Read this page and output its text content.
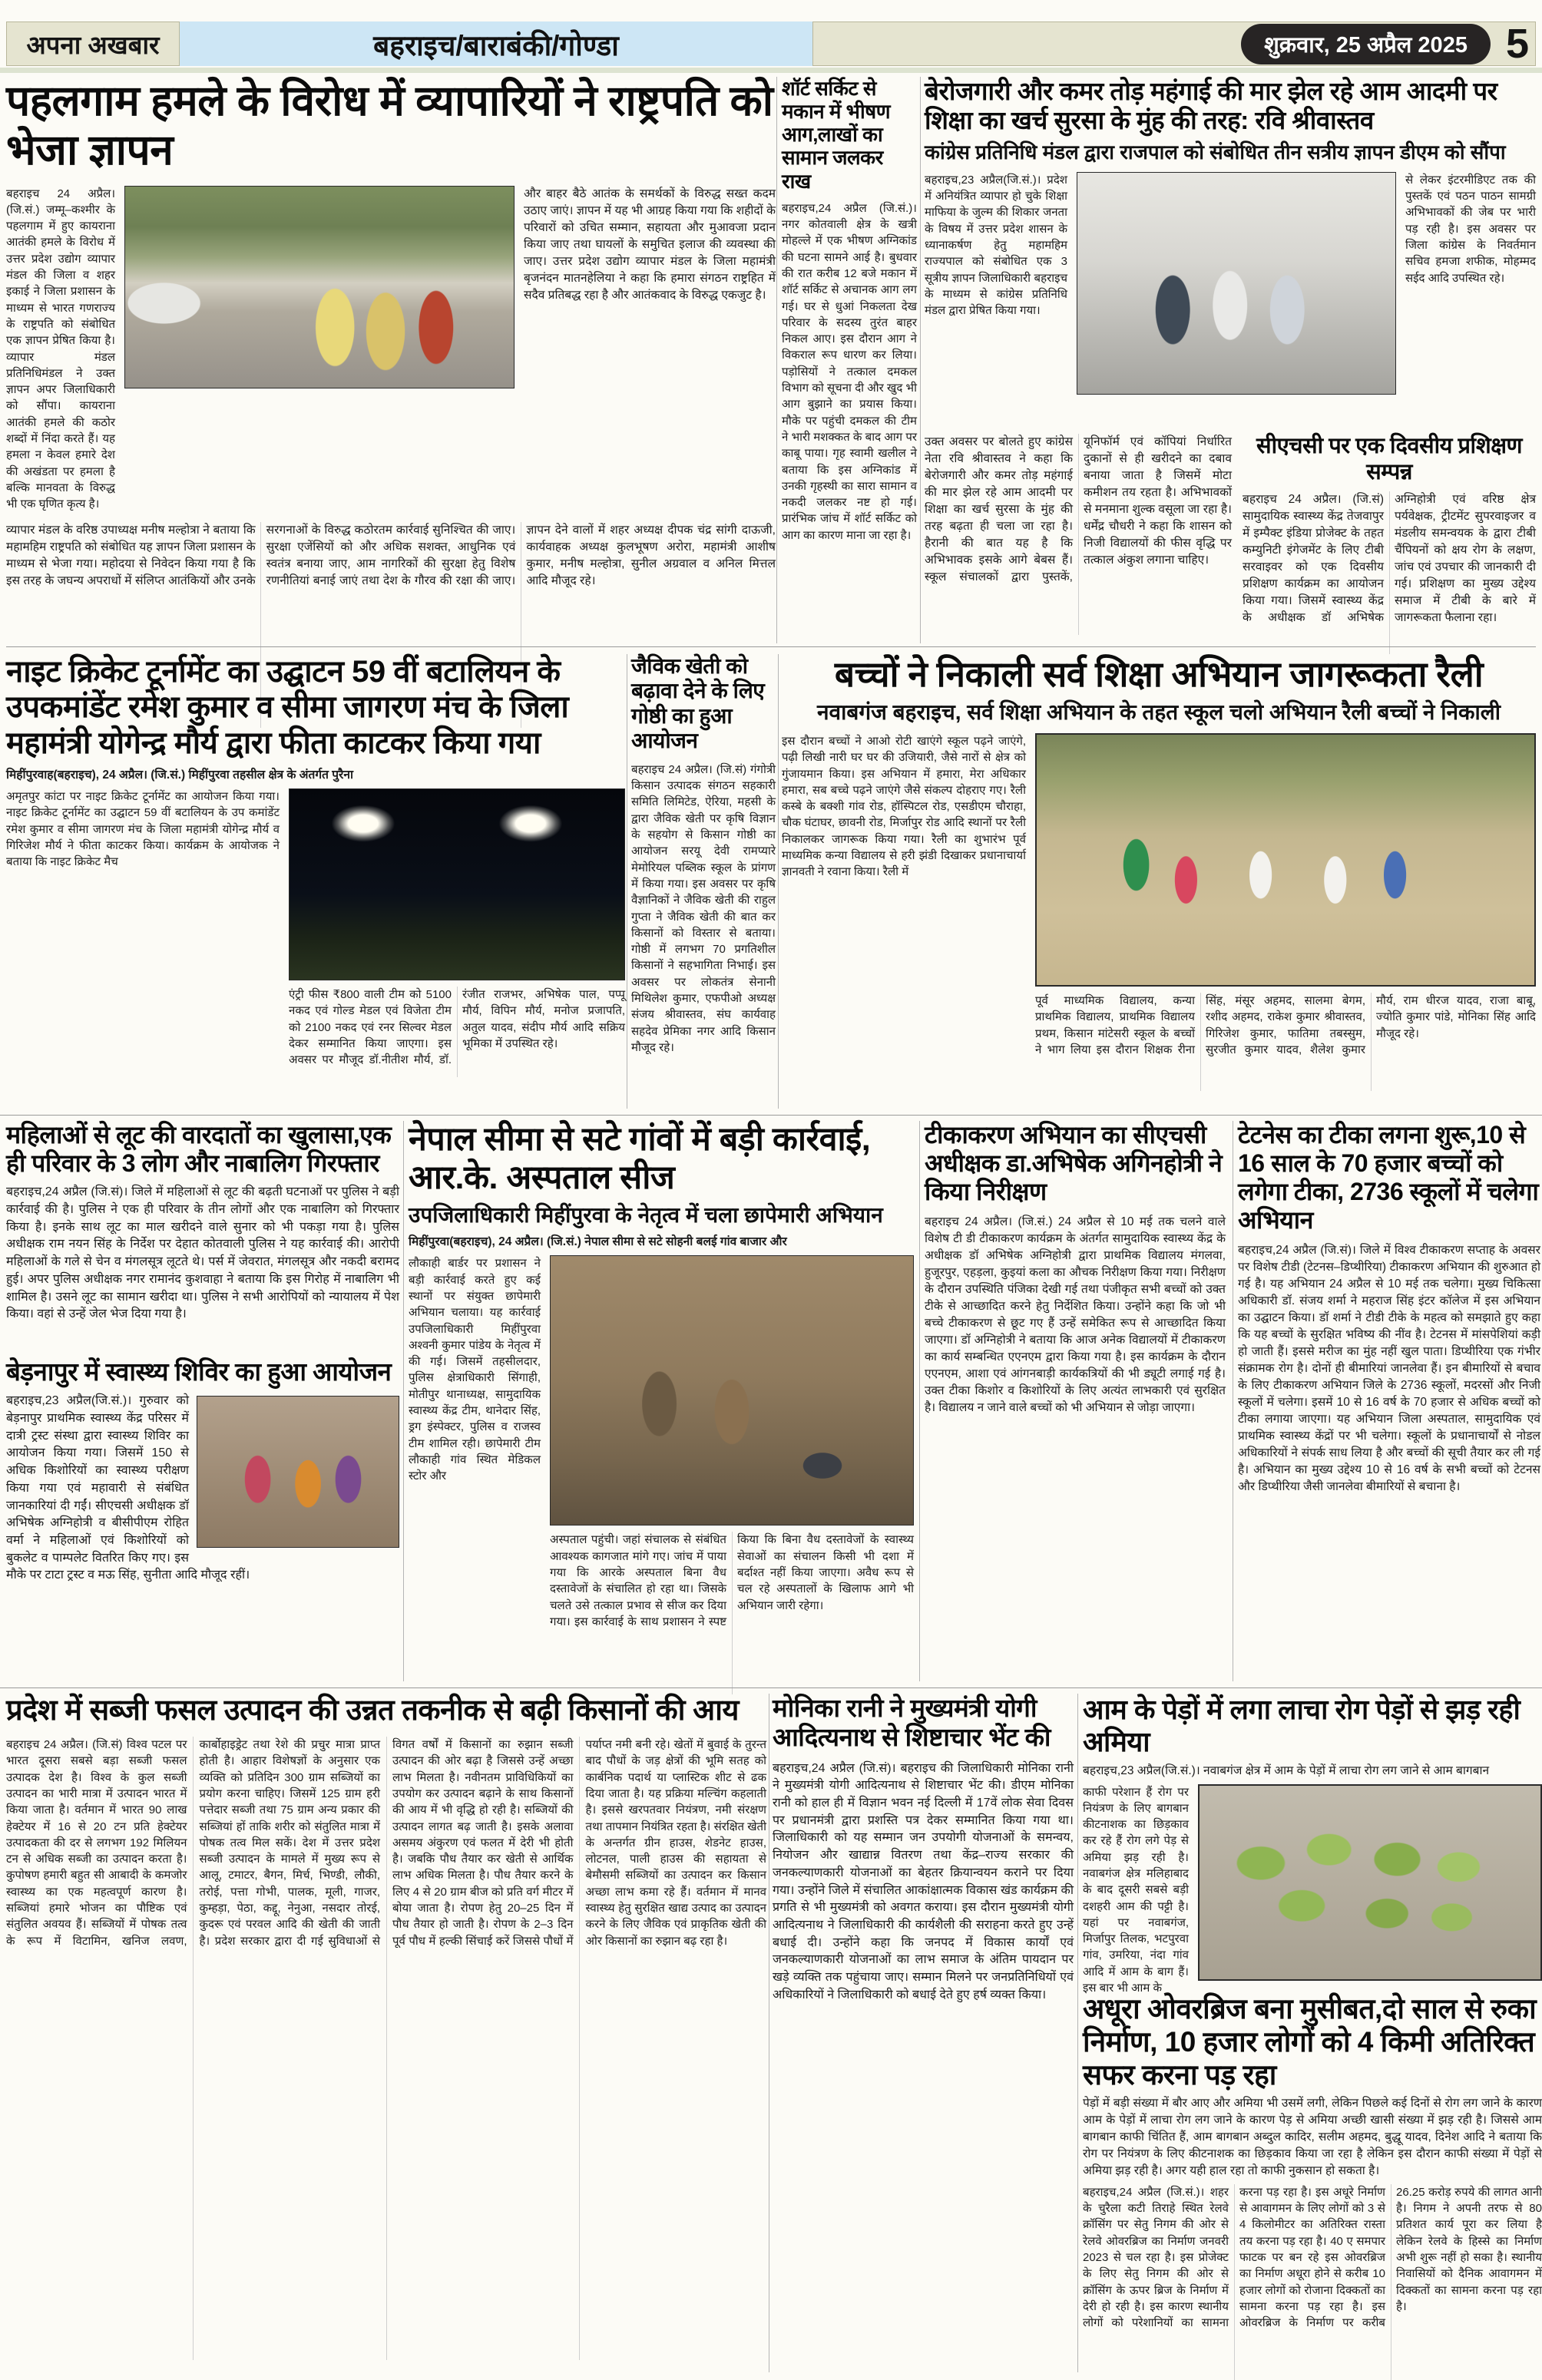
अपना अखबार	बहराइच/बाराबंकी/गोण्डा	शुक्रवार, 25 अप्रैल 2025 5
पहलगाम हमले के विरोध में व्यापारियों ने राष्ट्रपति को भेजा ज्ञापन
बहराइच 24 अप्रैल। (जि.सं.) जम्मू–कश्मीर के पहलगाम में हुए कायराना आतंकी हमले के विरोध में उत्तर प्रदेश उद्योग व्यापार मंडल की जिला व शहर इकाई ने जिला प्रशासन के माध्यम से भारत गणराज्य के राष्ट्रपति को संबोधित एक ज्ञापन प्रेषित किया है। व्यापार मंडल प्रतिनिधिमंडल ने उक्त ज्ञापन अपर जिलाधिकारी को सौंपा। कायराना आतंकी हमले की कठोर शब्दों में निंदा करते हैं। यह हमला न केवल हमारे देश की अखंडता पर हमला है बल्कि मानवता के विरुद्ध भी एक घृणित कृत्य है।
और बाहर बैठे आतंक के समर्थकों के विरुद्ध सख्त कदम उठाए जाएं। ज्ञापन में यह भी आग्रह किया गया कि शहीदों के परिवारों को उचित सम्मान, सहायता और मुआवजा प्रदान किया जाए तथा घायलों के समुचित इलाज की व्यवस्था की जाए। उत्तर प्रदेश उद्योग व्यापार मंडल के जिला महामंत्री बृजनंदन मातनहेलिया ने कहा कि हमारा संगठन राष्ट्रहित में सदैव प्रतिबद्ध रहा है और आतंकवाद के विरुद्ध एकजुट है।
व्यापार मंडल के वरिष्ठ उपाध्यक्ष मनीष मल्होत्रा ने बताया कि महामहिम राष्ट्रपति को संबोधित यह ज्ञापन जिला प्रशासन के माध्यम से भेजा गया। महोदया से निवेदन किया गया है कि इस तरह के जघन्य अपराधों में संलिप्त आतंकियों और उनके सरगनाओं के विरुद्ध कठोरतम कार्रवाई सुनिश्चित की जाए। सुरक्षा एजेंसियों को और अधिक सशक्त, आधुनिक एवं स्वतंत्र बनाया जाए, आम नागरिकों की सुरक्षा हेतु विशेष रणनीतियां बनाई जाएं तथा देश के गौरव की रक्षा की जाए। ज्ञापन देने वालों में शहर अध्यक्ष दीपक चंद्र सांगी दाऊजी, कार्यवाहक अध्यक्ष कुलभूषण अरोरा, महामंत्री आशीष कुमार, मनीष मल्होत्रा, सुनील अग्रवाल व अनिल मित्तल आदि मौजूद रहे।
शॉर्ट सर्किट से मकान में भीषण आग,लाखों का सामान जलकर राख
बहराइच,24 अप्रैल (जि.सं.)। नगर कोतवाली क्षेत्र के खत्री मोहल्ले में एक भीषण अग्निकांड की घटना सामने आई है। बुधवार की रात करीब 12 बजे मकान में शॉर्ट सर्किट से अचानक आग लग गई। घर से धुआं निकलता देख परिवार के सदस्य तुरंत बाहर निकल आए। इस दौरान आग ने विकराल रूप धारण कर लिया। पड़ोसियों ने तत्काल दमकल विभाग को सूचना दी और खुद भी आग बुझाने का प्रयास किया। मौके पर पहुंची दमकल की टीम ने भारी मशक्कत के बाद आग पर काबू पाया। गृह स्वामी खलील ने बताया कि इस अग्निकांड में उनकी गृहस्थी का सारा सामान व नकदी जलकर नष्ट हो गई। प्रारंभिक जांच में शॉर्ट सर्किट को आग का कारण माना जा रहा है।
बेरोजगारी और कमर तोड़ महंगाई की मार झेल रहे आम आदमी पर शिक्षा का खर्च सुरसा के मुंह की तरह: रवि श्रीवास्तव
कांग्रेस प्रतिनिधि मंडल द्वारा राजपाल को संबोधित तीन सत्रीय ज्ञापन डीएम को सौंपा
बहराइच,23 अप्रैल(जि.सं.)। प्रदेश में अनियंत्रित व्यापार हो चुके शिक्षा माफिया के जुल्म की शिकार जनता के विषय में उत्तर प्रदेश शासन के ध्यानाकर्षण हेतु महामहिम राज्यपाल को संबोधित एक 3 सूत्रीय ज्ञापन जिलाधिकारी बहराइच के माध्यम से कांग्रेस प्रतिनिधि मंडल द्वारा प्रेषित किया गया।
से लेकर इंटरमीडिएट तक की पुस्तकें एवं पठन पाठन सामग्री अभिभावकों की जेब पर भारी पड़ रही है। इस अवसर पर जिला कांग्रेस के निवर्तमान सचिव हमजा शफीक, मोहम्मद सईद आदि उपस्थित रहे।
उक्त अवसर पर बोलते हुए कांग्रेस नेता रवि श्रीवास्तव ने कहा कि बेरोजगारी और कमर तोड़ महंगाई की मार झेल रहे आम आदमी पर शिक्षा का खर्च सुरसा के मुंह की तरह बढ़ता ही चला जा रहा है। हैरानी की बात यह है कि अभिभावक इसके आगे बेबस हैं। स्कूल संचालकों द्वारा पुस्तकें, यूनिफॉर्म एवं कॉपियां निर्धारित दुकानों से ही खरीदने का दबाव बनाया जाता है जिसमें मोटा कमीशन तय रहता है। अभिभावकों से मनमाना शुल्क वसूला जा रहा है। धर्मेंद्र चौधरी ने कहा कि शासन को निजी विद्यालयों की फीस वृद्धि पर तत्काल अंकुश लगाना चाहिए।
सीएचसी पर एक दिवसीय प्रशिक्षण सम्पन्न
बहराइच 24 अप्रैल। (जि.सं) सामुदायिक स्वास्थ्य केंद्र तेजवापुर में इम्पैक्ट इंडिया प्रोजेक्ट के तहत कम्युनिटी इंगेजमेंट के लिए टीबी सरवाइवर को एक दिवसीय प्रशिक्षण कार्यक्रम का आयोजन किया गया। जिसमें स्वास्थ्य केंद्र के अधीक्षक डॉ अभिषेक अग्निहोत्री एवं वरिष्ठ क्षेत्र पर्यवेक्षक, ट्रीटमेंट सुपरवाइजर व मंडलीय समन्वयक के द्वारा टीबी चैंपियनों को क्षय रोग के लक्षण, जांच एवं उपचार की जानकारी दी गई। प्रशिक्षण का मुख्य उद्देश्य समाज में टीबी के बारे में जागरूकता फैलाना रहा।
नाइट क्रिकेट टूर्नामेंट का उद्घाटन 59 वीं बटालियन के उपकमांडेंट रमेश कुमार व सीमा जागरण मंच के जिला महामंत्री योगेन्द्र मौर्य द्वारा फीता काटकर किया गया
मिहींपुरवाह(बहराइच), 24 अप्रैल। (जि.सं.) मिहींपुरवा तहसील क्षेत्र के अंतर्गत पुरैना
अमृतपुर कांटा पर नाइट क्रिकेट टूर्नामेंट का आयोजन किया गया। नाइट क्रिकेट टूर्नामेंट का उद्घाटन 59 वीं बटालियन के उप कमांडेंट रमेश कुमार व सीमा जागरण मंच के जिला महामंत्री योगेन्द्र मौर्य व गिरिजेश मौर्य ने फीता काटकर किया। कार्यक्रम के आयोजक ने बताया कि नाइट क्रिकेट मैच
एंट्री फीस ₹800 वाली टीम को 5100 नकद एवं गोल्ड मेडल एवं विजेता टीम को 2100 नकद एवं रनर सिल्वर मेडल देकर सम्मानित किया जाएगा। इस अवसर पर मौजूद डॉ.नीतीश मौर्य, डॉ. रंजीत राजभर, अभिषेक पाल, पप्पू मौर्य, विपिन मौर्य, मनोज प्रजापति, अतुल यादव, संदीप मौर्य आदि सक्रिय भूमिका में उपस्थित रहे।
जैविक खेती को बढ़ावा देने के लिए गोष्ठी का हुआ आयोजन
बहराइच 24 अप्रैल। (जि.सं) गंगोत्री किसान उत्पादक संगठन सहकारी समिति लिमिटेड, ऐरिया, महसी के द्वारा जैविक खेती पर कृषि विज्ञान के सहयोग से किसान गोष्ठी का आयोजन सरयू देवी रामप्यारे मेमोरियल पब्लिक स्कूल के प्रांगण में किया गया। इस अवसर पर कृषि वैज्ञानिकों ने जैविक खेती की राहुल गुप्ता ने जैविक खेती की बात कर किसानों को विस्तार से बताया। गोष्ठी में लगभग 70 प्रगतिशील किसानों ने सहभागिता निभाई। इस अवसर पर लोकतंत्र सेनानी मिथिलेश कुमार, एफपीओ अध्यक्ष संजय श्रीवास्तव, संघ कार्यवाह सहदेव प्रेमिका नगर आदि किसान मौजूद रहे।
बच्चों ने निकाली सर्व शिक्षा अभियान जागरूकता रैली
नवाबगंज बहराइच, सर्व शिक्षा अभियान के तहत स्कूल चलो अभियान रैली बच्चों ने निकाली
इस दौरान बच्चों ने आओ रोटी खाएंगे स्कूल पढ़ने जाएंगे, पढ़ी लिखी नारी घर घर की उजियारी, जैसे नारों से क्षेत्र को गुंजायमान किया। इस अभियान में हमारा, मेरा अधिकार हमारा, सब बच्चे पढ़ने जाएंगे जैसे संकल्प दोहराए गए। रैली कस्बे के बक्शी गांव रोड, हॉस्पिटल रोड, एसडीएम चौराहा, चौक घंटाघर, छावनी रोड, मिर्जापुर रोड आदि स्थानों पर रैली निकालकर जागरूक किया गया। रैली का शुभारंभ पूर्व माध्यमिक कन्या विद्यालय से हरी झंडी दिखाकर प्रधानाचार्या ज्ञानवती ने रवाना किया। रैली में
पूर्व माध्यमिक विद्यालय, कन्या प्राथमिक विद्यालय, प्राथमिक विद्यालय प्रथम, किसान मांटेसरी स्कूल के बच्चों ने भाग लिया इस दौरान शिक्षक रीना सिंह, मंसूर अहमद, सालमा बेगम, रशीद अहमद, राकेश कुमार श्रीवास्तव, गिरिजेश कुमार, फातिमा तबस्सुम, सुरजीत कुमार यादव, शैलेश कुमार मौर्य, राम धीरज यादव, राजा बाबू, ज्योति कुमार पांडे, मोनिका सिंह आदि मौजूद रहे।
महिलाओं से लूट की वारदातों का खुलासा,एक ही परिवार के 3 लोग और नाबालिग गिरफ्तार
बहराइच,24 अप्रैल (जि.सं)। जिले में महिलाओं से लूट की बढ़ती घटनाओं पर पुलिस ने बड़ी कार्रवाई की है। पुलिस ने एक ही परिवार के तीन लोगों और एक नाबालिग को गिरफ्तार किया है। इनके साथ लूट का माल खरीदने वाले सुनार को भी पकड़ा गया है। पुलिस अधीक्षक राम नयन सिंह के निर्देश पर देहात कोतवाली पुलिस ने यह कार्रवाई की। आरोपी महिलाओं के गले से चेन व मंगलसूत्र लूटते थे। पर्स में जेवरात, मंगलसूत्र और नकदी बरामद हुई। अपर पुलिस अधीक्षक नगर रामानंद कुशवाहा ने बताया कि इस गिरोह में नाबालिग भी शामिल है। उसने लूट का सामान खरीदा था। पुलिस ने सभी आरोपियों को न्यायालय में पेश किया। वहां से उन्हें जेल भेज दिया गया है।
बेड़नापुर में स्वास्थ्य शिविर का हुआ आयोजन
बहराइच,23 अप्रैल(जि.सं.)। गुरुवार को बेड़नापुर प्राथमिक स्वास्थ्य केंद्र परिसर में दात्री ट्रस्ट संस्था द्वारा स्वास्थ्य शिविर का आयोजन किया गया। जिसमें 150 से अधिक किशोरियों का स्वास्थ्य परीक्षण किया गया एवं महावारी से संबंधित जानकारियां दी गईं। सीएचसी अधीक्षक डॉ अभिषेक अग्निहोत्री व बीसीपीएम रोहित वर्मा ने महिलाओं एवं किशोरियों को बुकलेट व पाम्पलेट वितरित किए गए। इस मौके पर टाटा ट्रस्ट व मऊ सिंह, सुनीता आदि मौजूद रहीं।
नेपाल सीमा से सटे गांवों में बड़ी कार्रवाई, आर.के. अस्पताल सीज
उपजिलाधिकारी मिहींपुरवा के नेतृत्व में चला छापेमारी अभियान
मिहींपुरवा(बहराइच), 24 अप्रैल। (जि.सं.) नेपाल सीमा से सटे सोहनी बलई गांव बाजार और
लौकाही बार्डर पर प्रशासन ने बड़ी कार्रवाई करते हुए कई स्थानों पर संयुक्त छापेमारी अभियान चलाया। यह कार्रवाई उपजिलाधिकारी मिहींपुरवा अश्वनी कुमार पांडेय के नेतृत्व में की गई। जिसमें तहसीलदार, पुलिस क्षेत्राधिकारी सिंगाही, मोतीपुर थानाध्यक्ष, सामुदायिक स्वास्थ्य केंद्र टीम, थानेदार सिंह, ड्रग इंस्पेक्टर, पुलिस व राजस्व टीम शामिल रही। छापेमारी टीम लौकाही गांव स्थित मेडिकल स्टोर और
अस्पताल पहुंची। जहां संचालक से संबंधित आवश्यक कागजात मांगे गए। जांच में पाया गया कि आरके अस्पताल बिना वैध दस्तावेजों के संचालित हो रहा था। जिसके चलते उसे तत्काल प्रभाव से सीज कर दिया गया। इस कार्रवाई के साथ प्रशासन ने स्पष्ट किया कि बिना वैध दस्तावेजों के स्वास्थ्य सेवाओं का संचालन किसी भी दशा में बर्दाश्त नहीं किया जाएगा। अवैध रूप से चल रहे अस्पतालों के खिलाफ आगे भी अभियान जारी रहेगा।
टीकाकरण अभियान का सीएचसी अधीक्षक डा.अभिषेक अगिनहोत्री ने किया निरीक्षण
बहराइच 24 अप्रैल। (जि.सं.) 24 अप्रैल से 10 मई तक चलने वाले विशेष टी डी टीकाकरण कार्यक्रम के अंतर्गत सामुदायिक स्वास्थ्य केंद्र के अधीक्षक डॉ अभिषेक अग्निहोत्री द्वारा प्राथमिक विद्यालय मंगलवा, हुजूरपुर, एहड़ला, कुइयां कला का औचक निरीक्षण किया गया। निरीक्षण के दौरान उपस्थिति पंजिका देखी गई तथा पंजीकृत सभी बच्चों को उक्त टीके से आच्छादित करने हेतु निर्देशित किया। उन्होंने कहा कि जो भी बच्चे टीकाकरण से छूट गए हैं उन्हें समेकित रूप से आच्छादित किया जाएगा। डॉ अग्निहोत्री ने बताया कि आज अनेक विद्यालयों में टीकाकरण का कार्य सम्बन्धित एएनएम द्वारा किया गया है। इस कार्यक्रम के दौरान एएनएम, आशा एवं आंगनबाड़ी कार्यकत्रियों की भी ड्यूटी लगाई गई है। उक्त टीका किशोर व किशोरियों के लिए अत्यंत लाभकारी एवं सुरक्षित है। विद्यालय न जाने वाले बच्चों को भी अभियान से जोड़ा जाएगा।
टेटनेस का टीका लगना शुरू,10 से 16 साल के 70 हजार बच्चों को लगेगा टीका, 2736 स्कूलों में चलेगा अभियान
बहराइच,24 अप्रैल (जि.सं)। जिले में विश्व टीकाकरण सप्ताह के अवसर पर विशेष टीडी (टेटनस–डिप्थीरिया) टीकाकरण अभियान की शुरुआत हो गई है। यह अभियान 24 अप्रैल से 10 मई तक चलेगा। मुख्य चिकित्सा अधिकारी डॉ. संजय शर्मा ने महराज सिंह इंटर कॉलेज में इस अभियान का उद्घाटन किया। डॉ शर्मा ने टीडी टीके के महत्व को समझाते हुए कहा कि यह बच्चों के सुरक्षित भविष्य की नींव है। टेटनस में मांसपेशियां कड़ी हो जाती हैं। इससे मरीज का मुंह नहीं खुल पाता। डिप्थीरिया एक गंभीर संक्रामक रोग है। दोनों ही बीमारियां जानलेवा हैं। इन बीमारियों से बचाव के लिए टीकाकरण अभियान जिले के 2736 स्कूलों, मदरसों और निजी स्कूलों में चलेगा। इसमें 10 से 16 वर्ष के 70 हजार से अधिक बच्चों को टीका लगाया जाएगा। यह अभियान जिला अस्पताल, सामुदायिक एवं प्राथमिक स्वास्थ्य केंद्रों पर भी चलेगा। स्कूलों के प्रधानाचार्यों से नोडल अधिकारियों ने संपर्क साध लिया है और बच्चों की सूची तैयार कर ली गई है। अभियान का मुख्य उद्देश्य 10 से 16 वर्ष के सभी बच्चों को टेटनस और डिप्थीरिया जैसी जानलेवा बीमारियों से बचाना है।
प्रदेश में सब्जी फसल उत्पादन की उन्नत तकनीक से बढ़ी किसानों की आय
बहराइच 24 अप्रैल। (जि.सं) विश्व पटल पर भारत दूसरा सबसे बड़ा सब्जी फसल उत्पादक देश है। विश्व के कुल सब्जी उत्पादन का भारी मात्रा में उत्पादन भारत में किया जाता है। वर्तमान में भारत 90 लाख हेक्टेयर में 16 से 20 टन प्रति हेक्टेयर उत्पादकता की दर से लगभग 192 मिलियन टन से अधिक सब्जी का उत्पादन करता है। कुपोषण हमारी बहुत सी आबादी के कमजोर स्वास्थ्य का एक महत्वपूर्ण कारण है। सब्जियां हमारे भोजन का पौष्टिक एवं संतुलित अवयव हैं। सब्जियों में पोषक तत्व के रूप में विटामिन, खनिज लवण, कार्बोहाइड्रेट तथा रेशे की प्रचुर मात्रा प्राप्त होती है। आहार विशेषज्ञों के अनुसार एक व्यक्ति को प्रतिदिन 300 ग्राम सब्जियों का प्रयोग करना चाहिए। जिसमें 125 ग्राम हरी पत्तेदार सब्जी तथा 75 ग्राम अन्य प्रकार की सब्जियां हों ताकि शरीर को संतुलित मात्रा में पोषक तत्व मिल सकें। देश में उत्तर प्रदेश सब्जी उत्पादन के मामले में मुख्य रूप से आलू, टमाटर, बैगन, मिर्च, भिण्डी, लौकी, तरोई, पत्ता गोभी, पालक, मूली, गाजर, कुम्हड़ा, पेठा, कद्दू, नेनुआ, नसदार तोरई, कुदरू एवं परवल आदि की खेती की जाती है। प्रदेश सरकार द्वारा दी गई सुविधाओं से विगत वर्षों में किसानों का रुझान सब्जी उत्पादन की ओर बढ़ा है जिससे उन्हें अच्छा लाभ मिलता है। नवीनतम प्राविधिकियों का उपयोग कर उत्पादन बढ़ाने के साथ किसानों की आय में भी वृद्धि हो रही है। सब्जियों की उत्पादन लागत बढ़ जाती है। इसके अलावा असमय अंकुरण एवं फलत में देरी भी होती है। जबकि पौध तैयार कर खेती से आर्थिक लाभ अधिक मिलता है। पौध तैयार करने के लिए 4 से 20 ग्राम बीज को प्रति वर्ग मीटर में बोया जाता है। रोपण हेतु 20–25 दिन में पौध तैयार हो जाती है। रोपण के 2–3 दिन पूर्व पौध में हल्की सिंचाई करें जिससे पौधों में पर्याप्त नमी बनी रहे। खेतों में बुवाई के तुरन्त बाद पौधों के जड़ क्षेत्रों की भूमि सतह को कार्बनिक पदार्थ या प्लास्टिक शीट से ढक दिया जाता है। यह प्रक्रिया मल्चिंग कहलाती है। इससे खरपतवार नियंत्रण, नमी संरक्षण तथा तापमान नियंत्रित रहता है। संरक्षित खेती के अन्तर्गत ग्रीन हाउस, शेडनेट हाउस, लोटनल, पाली हाउस की सहायता से बेमौसमी सब्जियों का उत्पादन कर किसान अच्छा लाभ कमा रहे हैं। वर्तमान में मानव स्वास्थ्य हेतु सुरक्षित खाद्य उत्पाद का उत्पादन करने के लिए जैविक एवं प्राकृतिक खेती की ओर किसानों का रुझान बढ़ रहा है।
मोनिका रानी ने मुख्यमंत्री योगी आदित्यनाथ से शिष्टाचार भेंट की
बहराइच,24 अप्रैल (जि.सं)। बहराइच की जिलाधिकारी मोनिका रानी ने मुख्यमंत्री योगी आदित्यनाथ से शिष्टाचार भेंट की। डीएम मोनिका रानी को हाल ही में विज्ञान भवन नई दिल्ली में 17वें लोक सेवा दिवस पर प्रधानमंत्री द्वारा प्रशस्ति पत्र देकर सम्मानित किया गया था। जिलाधिकारी को यह सम्मान जन उपयोगी योजनाओं के समन्वय, नियोजन और खाद्यान्न वितरण तथा केंद्र–राज्य सरकार की जनकल्याणकारी योजनाओं का बेहतर क्रियान्वयन कराने पर दिया गया। उन्होंने जिले में संचालित आकांक्षात्मक विकास खंड कार्यक्रम की प्रगति से भी मुख्यमंत्री को अवगत कराया। इस दौरान मुख्यमंत्री योगी आदित्यनाथ ने जिलाधिकारी की कार्यशैली की सराहना करते हुए उन्हें बधाई दी। उन्होंने कहा कि जनपद में विकास कार्यों एवं जनकल्याणकारी योजनाओं का लाभ समाज के अंतिम पायदान पर खड़े व्यक्ति तक पहुंचाया जाए। सम्मान मिलने पर जनप्रतिनिधियों एवं अधिकारियों ने जिलाधिकारी को बधाई देते हुए हर्ष व्यक्त किया।
आम के पेड़ों में लगा लाचा रोग पेड़ों से झड़ रही अमिया
बहराइच,23 अप्रैल(जि.सं.)। नवाबगंज क्षेत्र में आम के पेड़ों में लाचा रोग लग जाने से आम बागबान
काफी परेशान हैं रोग पर नियंत्रण के लिए बागबान कीटनाशक का छिड़काव कर रहे हैं रोग लगे पेड़ से अमिया झड़ रही है। नवाबगंज क्षेत्र मलिहाबाद के बाद दूसरी सबसे बड़ी दशहरी आम की पट्टी है। यहां पर नवाबगंज, मिर्जापुर तिलक, भटपुरवा गांव, उमरिया, नंदा गांव आदि में आम के बाग हैं। इस बार भी आम के
अधूरा ओवरब्रिज बना मुसीबत,दो साल से रुका निर्माण, 10 हजार लोगों को 4 किमी अतिरिक्त सफर करना पड़ रहा
पेड़ों में बड़ी संख्या में बौर आए और अमिया भी उसमें लगी, लेकिन पिछले कई दिनों से रोग लग जाने के कारण आम के पेड़ों में लाचा रोग लग जाने के कारण पेड़ से अमिया अच्छी खासी संख्या में झड़ रही है। जिससे आम बागबान काफी चिंतित हैं, आम बागबान अब्दुल कादिर, सलीम अहमद, बुद्धू यादव, दिनेश आदि ने बताया कि रोग पर नियंत्रण के लिए कीटनाशक का छिड़काव किया जा रहा है लेकिन इस दौरान काफी संख्या में पेड़ों से अमिया झड़ रही है। अगर यही हाल रहा तो काफी नुकसान हो सकता है।
बहराइच,24 अप्रैल (जि.सं.)। शहर के चुरैला कटी तिराहे स्थित रेलवे क्रॉसिंग पर सेतु निगम की ओर से रेलवे ओवरब्रिज का निर्माण जनवरी 2023 से चल रहा है। इस प्रोजेक्ट के लिए सेतु निगम की ओर से क्रॉसिंग के ऊपर ब्रिज के निर्माण में देरी हो रही है। इस कारण स्थानीय लोगों को परेशानियों का सामना करना पड़ रहा है। इस अधूरे निर्माण से आवागमन के लिए लोगों को 3 से 4 किलोमीटर का अतिरिक्त रास्ता तय करना पड़ रहा है। 40 ए समपार फाटक पर बन रहे इस ओवरब्रिज का निर्माण अधूरा होने से करीब 10 हजार लोगों को रोजाना दिक्कतों का सामना करना पड़ रहा है। इस ओवरब्रिज के निर्माण पर करीब 26.25 करोड़ रुपये की लागत आनी है। निगम ने अपनी तरफ से 80 प्रतिशत कार्य पूरा कर लिया है लेकिन रेलवे के हिस्से का निर्माण अभी शुरू नहीं हो सका है। स्थानीय निवासियों को दैनिक आवागमन में दिक्कतों का सामना करना पड़ रहा है।
